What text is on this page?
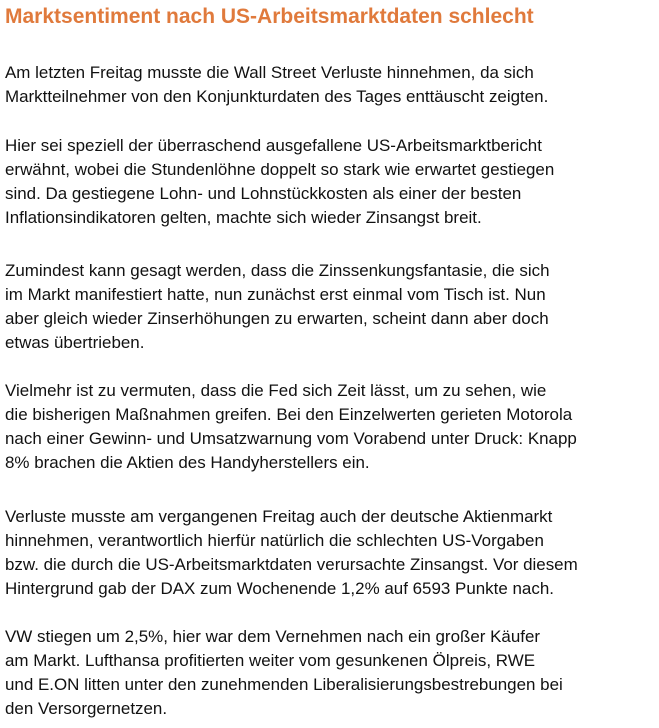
Marktsentiment nach US-Arbeitsmarktdaten schlecht

Am letzten Freitag musste die Wall Street Verluste hinnehmen, da sich
Marktteilnehmer von den Konjunkturdaten des Tages enttäuscht zeigten.

Hier sei speziell der überraschend ausgefallene US-Arbeitsmarktbericht
erwähnt, wobei die Stundenlöhne doppelt so stark wie erwartet gestiegen
sind. Da gestiegene Lohn- und Lohnstückkosten als einer der besten
Inflationsindikatoren gelten, machte sich wieder Zinsangst breit.

Zumindest kann gesagt werden, dass die Zinssenkungsfantasie, die sich
im Markt manifestiert hatte, nun zunächst erst einmal vom Tisch ist. Nun
aber gleich wieder Zinserhöhungen zu erwarten, scheint dann aber doch
etwas übertrieben.

Vielmehr ist zu vermuten, dass die Fed sich Zeit lässt, um zu sehen, wie
die bisherigen Maßnahmen greifen. Bei den Einzelwerten gerieten Motorola
nach einer Gewinn- und Umsatzwarnung vom Vorabend unter Druck: Knapp
8% brachen die Aktien des Handyherstellers ein.

Verluste musste am vergangenen Freitag auch der deutsche Aktienmarkt
hinnehmen, verantwortlich hierfür natürlich die schlechten US-Vorgaben
bzw. die durch die US-Arbeitsmarktdaten verursachte Zinsangst. Vor diesem
Hintergrund gab der DAX zum Wochenende 1,2% auf 6593 Punkte nach.

VW stiegen um 2,5%, hier war dem Vernehmen nach ein großer Käufer
am Markt. Lufthansa profitierten weiter vom gesunkenen Ölpreis, RWE
und E.ON litten unter den zunehmenden Liberalisierungsbestrebungen bei
den Versorgernetzen.
